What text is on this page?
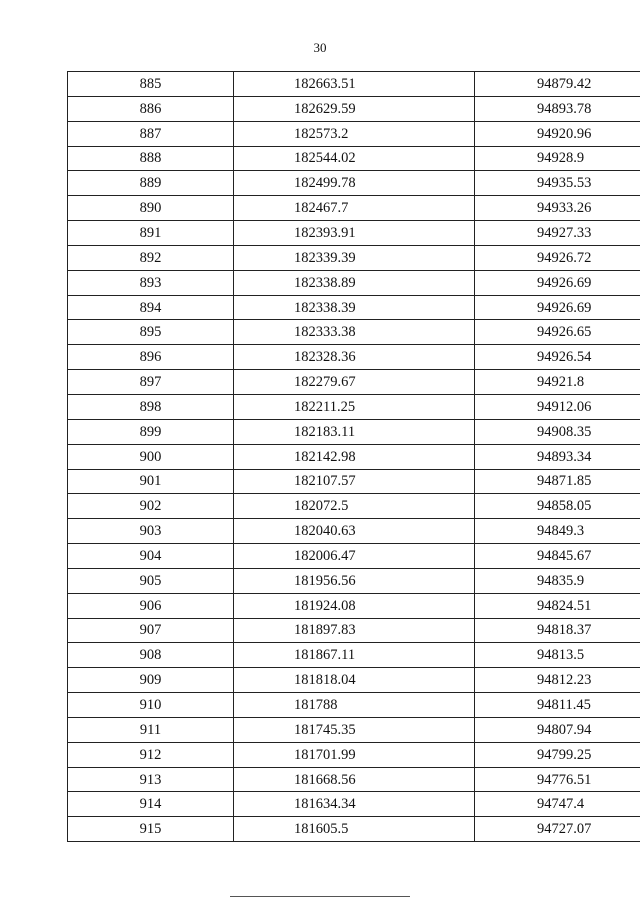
30
885	182663.51	94879.42
886	182629.59	94893.78
887	182573.2	94920.96
888	182544.02	94928.9
889	182499.78	94935.53
890	182467.7	94933.26
891	182393.91	94927.33
892	182339.39	94926.72
893	182338.89	94926.69
894	182338.39	94926.69
895	182333.38	94926.65
896	182328.36	94926.54
897	182279.67	94921.8
898	182211.25	94912.06
899	182183.11	94908.35
900	182142.98	94893.34
901	182107.57	94871.85
902	182072.5	94858.05
903	182040.63	94849.3
904	182006.47	94845.67
905	181956.56	94835.9
906	181924.08	94824.51
907	181897.83	94818.37
908	181867.11	94813.5
909	181818.04	94812.23
910	181788	94811.45
911	181745.35	94807.94
912	181701.99	94799.25
913	181668.56	94776.51
914	181634.34	94747.4
915	181605.5	94727.07
